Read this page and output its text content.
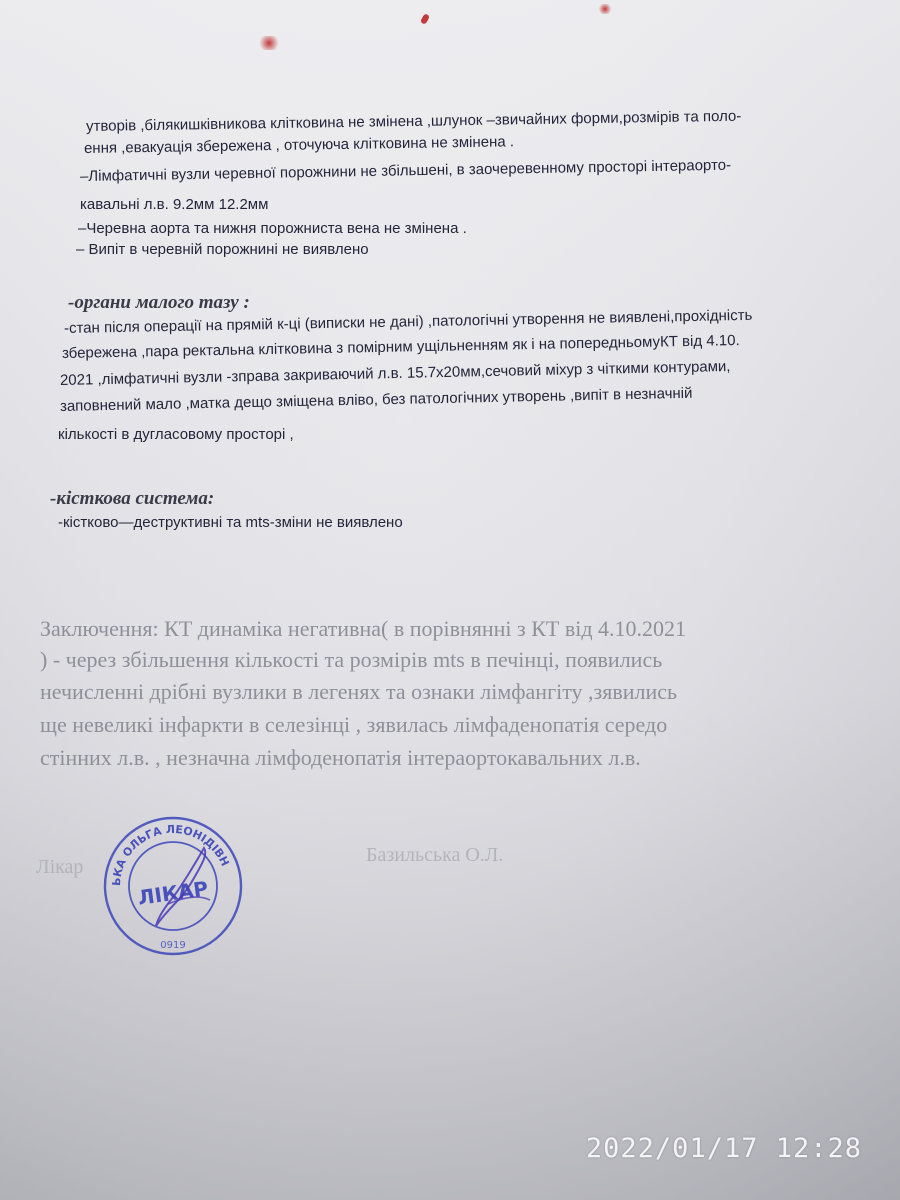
утворів ,білякишківникова клітковина не змінена ,шлунок –звичайних форми,розмірів та поло-
ення ,евакуація збережена , оточуюча клітковина не змінена .
–Лімфатичні вузли черевної порожнини не збільшені, в заочеревенному просторі інтераорто-
кавальні л.в. 9.2мм 12.2мм
–Черевна аорта та нижня порожниста вена не змінена .
– Випіт в черевній порожнині не виявлено
-органи малого тазу :
-стан після операції на прямій к-ці (виписки не дані) ,патологічні утворення не виявлені,прохідність
збережена ,пара ректальна клітковина з помірним ущільненням як і на попередньомуКТ від 4.10.
2021 ,лімфатичні вузли -зправа закриваючий л.в. 15.7x20мм,сечовий міхур з чіткими контурами,
заповнений мало ,матка дещо зміщена вліво, без патологічних утворень ,випіт в незначній
кількості в дугласовому просторі ,
-кісткова система:
-кістково—деструктивні та mts-зміни не виявлено
Заключення: КТ динаміка негативна( в порівнянні з КТ від 4.10.2021
) - через збільшення кількості та розмірів mts в печінці, появились
нечисленні дрібні вузлики в легенях та ознаки лімфангіту ,зявились
ще невеликі інфаркти в селезінці , зявилась лімфаденопатія середо
стінних л.в. , незначна лімфоденопатія інтераортокавальних л.в.
Лікар
Базильська О.Л.
ЬКА ОЛЬГА ЛЕОНІДІВН
ЛІКАР
0919
2022/01/17 12:28
